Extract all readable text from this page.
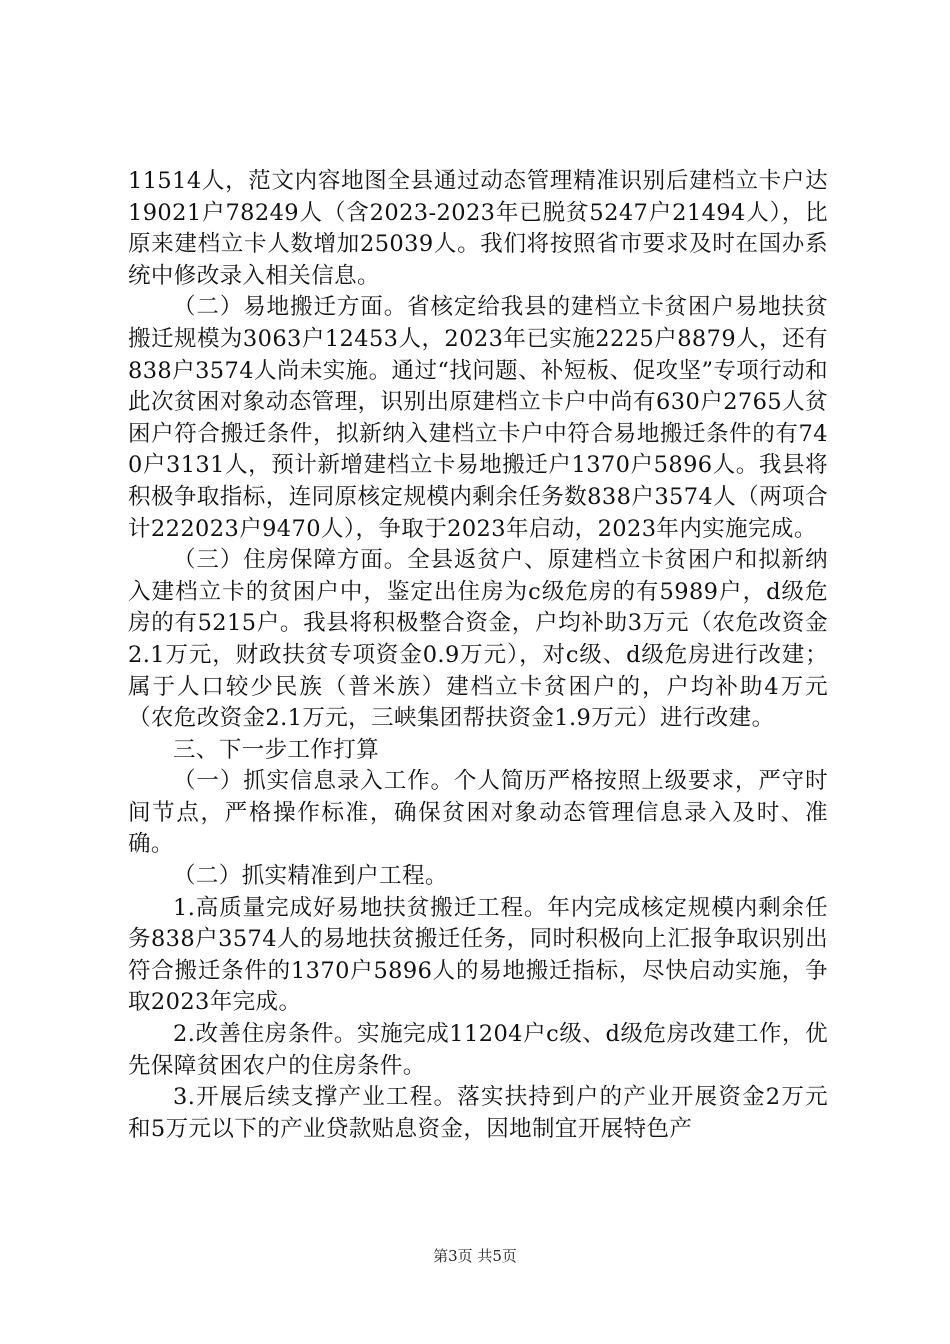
11514人，范文内容地图全县通过动态管理精准识别后建档立卡户达19021户78249人（含2023-2023年已脱贫5247户21494人），比原来建档立卡人数增加25039人。我们将按照省市要求及时在国办系统中修改录入相关信息。

（二）易地搬迁方面。省核定给我县的建档立卡贫困户易地扶贫搬迁规模为3063户12453人，2023年已实施2225户8879人，还有838户3574人尚未实施。通过“找问题、补短板、促攻坚”专项行动和此次贫困对象动态管理，识别出原建档立卡户中尚有630户2765人贫困户符合搬迁条件，拟新纳入建档立卡户中符合易地搬迁条件的有740户3131人，预计新增建档立卡易地搬迁户1370户5896人。我县将积极争取指标，连同原核定规模内剩余任务数838户3574人（两项合计222023户9470人），争取于2023年启动，2023年内实施完成。

（三）住房保障方面。全县返贫户、原建档立卡贫困户和拟新纳入建档立卡的贫困户中，鉴定出住房为c级危房的有5989户，d级危房的有5215户。我县将积极整合资金，户均补助3万元（农危改资金2.1万元，财政扶贫专项资金0.9万元），对c级、d级危房进行改建；属于人口较少民族（普米族）建档立卡贫困户的，户均补助4万元（农危改资金2.1万元，三峡集团帮扶资金1.9万元）进行改建。

三、下一步工作打算

（一）抓实信息录入工作。个人简历严格按照上级要求，严守时间节点，严格操作标准，确保贫困对象动态管理信息录入及时、准确。

（二）抓实精准到户工程。

1.高质量完成好易地扶贫搬迁工程。年内完成核定规模内剩余任务838户3574人的易地扶贫搬迁任务，同时积极向上汇报争取识别出符合搬迁条件的1370户5896人的易地搬迁指标，尽快启动实施，争取2023年完成。

2.改善住房条件。实施完成11204户c级、d级危房改建工作，优先保障贫困农户的住房条件。

3.开展后续支撑产业工程。落实扶持到户的产业开展资金2万元和5万元以下的产业贷款贴息资金，因地制宜开展特色产

第3页 共5页
